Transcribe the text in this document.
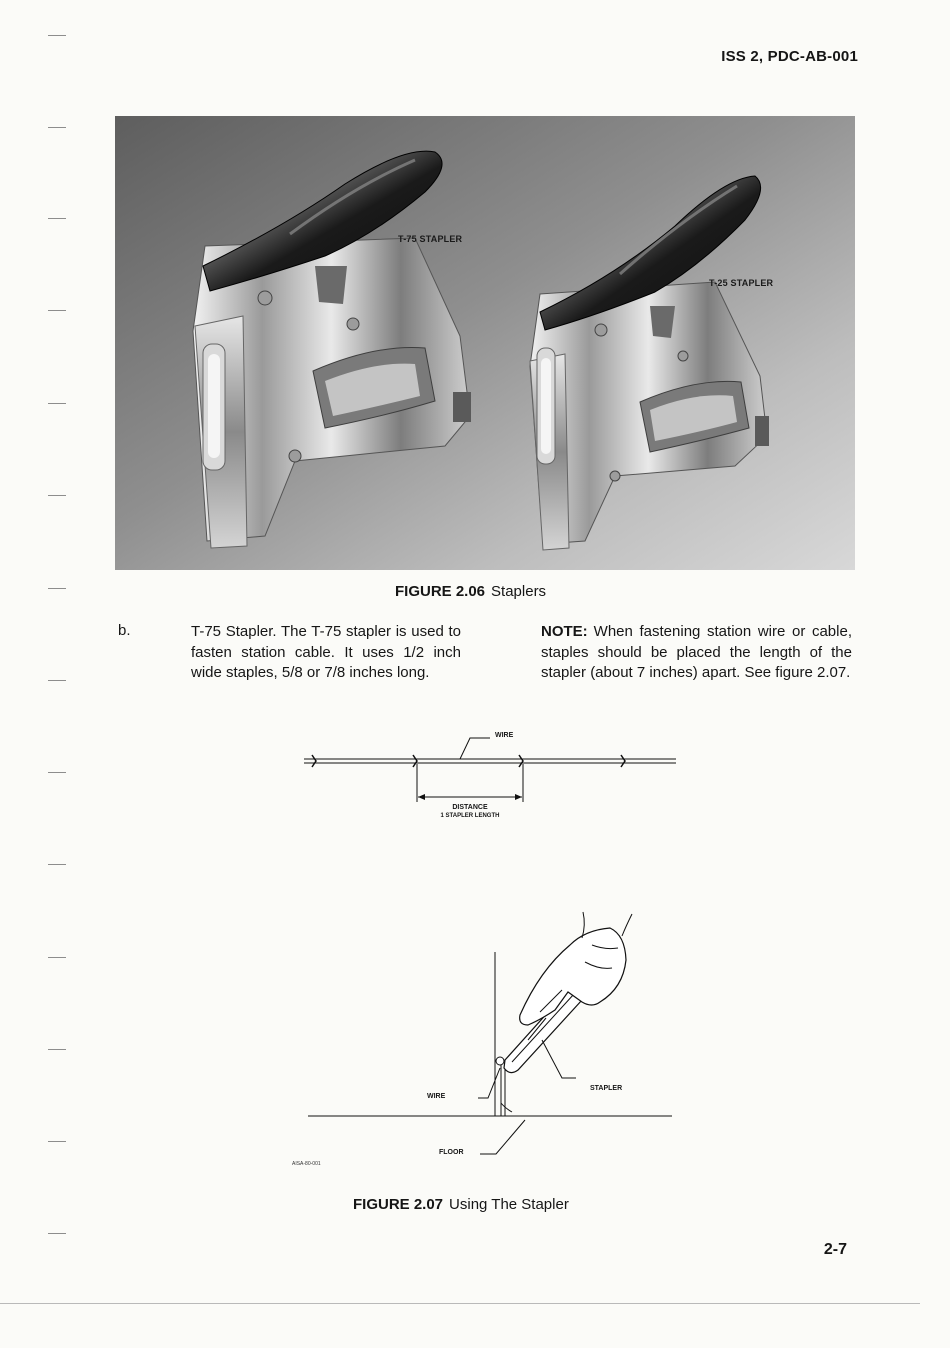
ISS 2, PDC-AB-001
T-75 STAPLER
T-25 STAPLER
FIGURE 2.06 Staplers
b.	T-75 Stapler. The T-75 stapler is used to fasten station cable. It uses 1/2 inch wide staples, 5/8 or 7/8 inches long.
NOTE: When fastening station wire or cable, staples should be placed the length of the stapler (about 7 inches) apart. See figure 2.07.
WIRE
DISTANCE
1 STAPLER LENGTH
WIRE
STAPLER
FLOOR
AISA-80-001
FIGURE 2.07 Using The Stapler
2-7
